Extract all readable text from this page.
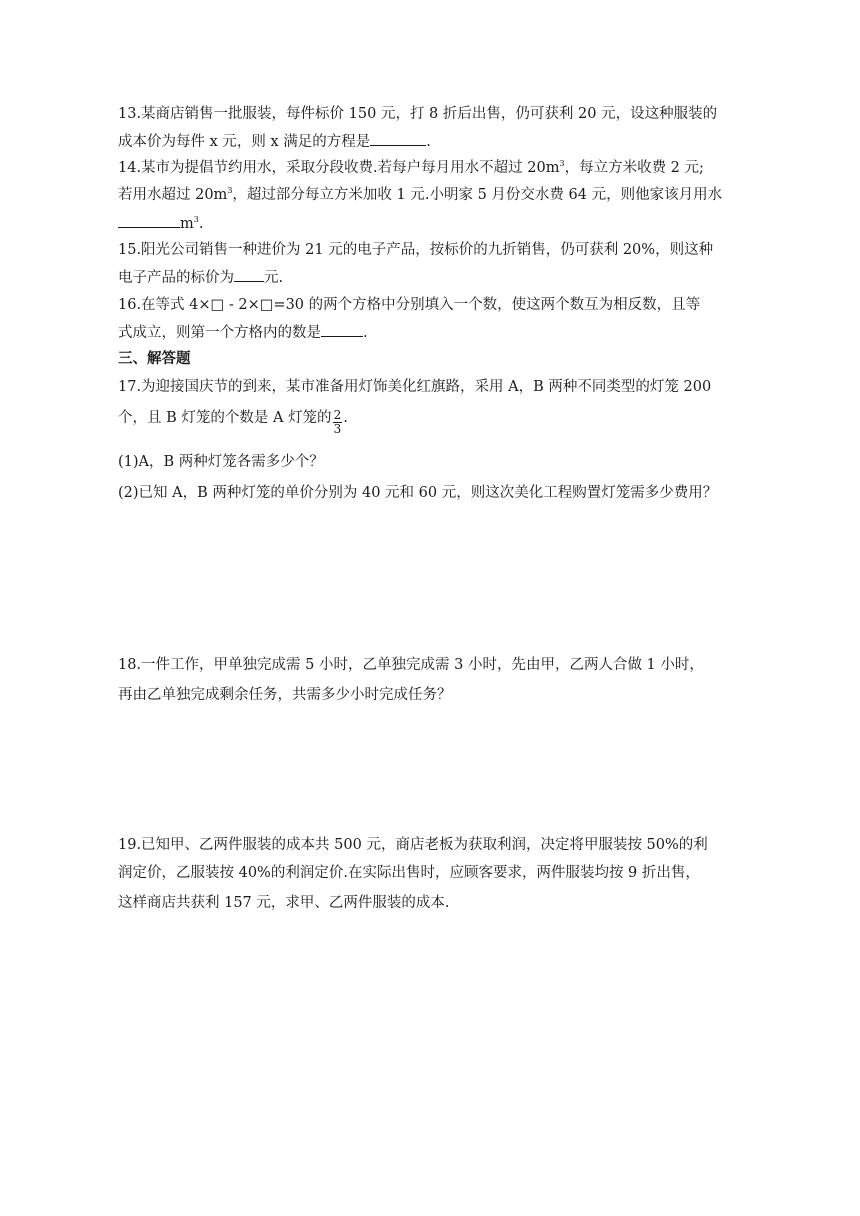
13.某商店销售一批服装，每件标价 150 元，打 8 折后出售，仍可获利 20 元，设这种服装的
成本价为每件 x 元，则 x 满足的方程是	.
14.某市为提倡节约用水，采取分段收费.若每户每月用水不超过 $20m^3$，每立方米收费 2 元;
若用水超过 $20m^3$，超过部分每立方米加收 1 元.小明家 5 月份交水费 64 元，则他家该月用水
$m^3$.
15.阳光公司销售一种进价为 21 元的电子产品，按标价的九折销售，仍可获利 20%，则这种
电子产品的标价为 元.
16.在等式 4×□ - 2×□=30 的两个方格中分别填入一个数，使这两个数互为相反数，且等
式成立，则第一个方格内的数是	.
三、解答题
17.为迎接国庆节的到来，某市准备用灯饰美化红旗路，采用 A，B 两种不同类型的灯笼 200
个，且 B 灯笼的个数是 A 灯笼的 $\frac{2}{3}$ .
(1)A，B 两种灯笼各需多少个？
(2)已知 A，B 两种灯笼的单价分别为 40 元和 60 元，则这次美化工程购置灯笼需多少费用？
18.一件工作，甲单独完成需 5 小时，乙单独完成需 3 小时，先由甲，乙两人合做 1 小时，
再由乙单独完成剩余任务，共需多少小时完成任务？
19.已知甲、乙两件服装的成本共 500 元，商店老板为获取利润，决定将甲服装按 50%的利
润定价，乙服装按 40%的利润定价.在实际出售时，应顾客要求，两件服装均按 9 折出售，
这样商店共获利 157 元，求甲、乙两件服装的成本.
